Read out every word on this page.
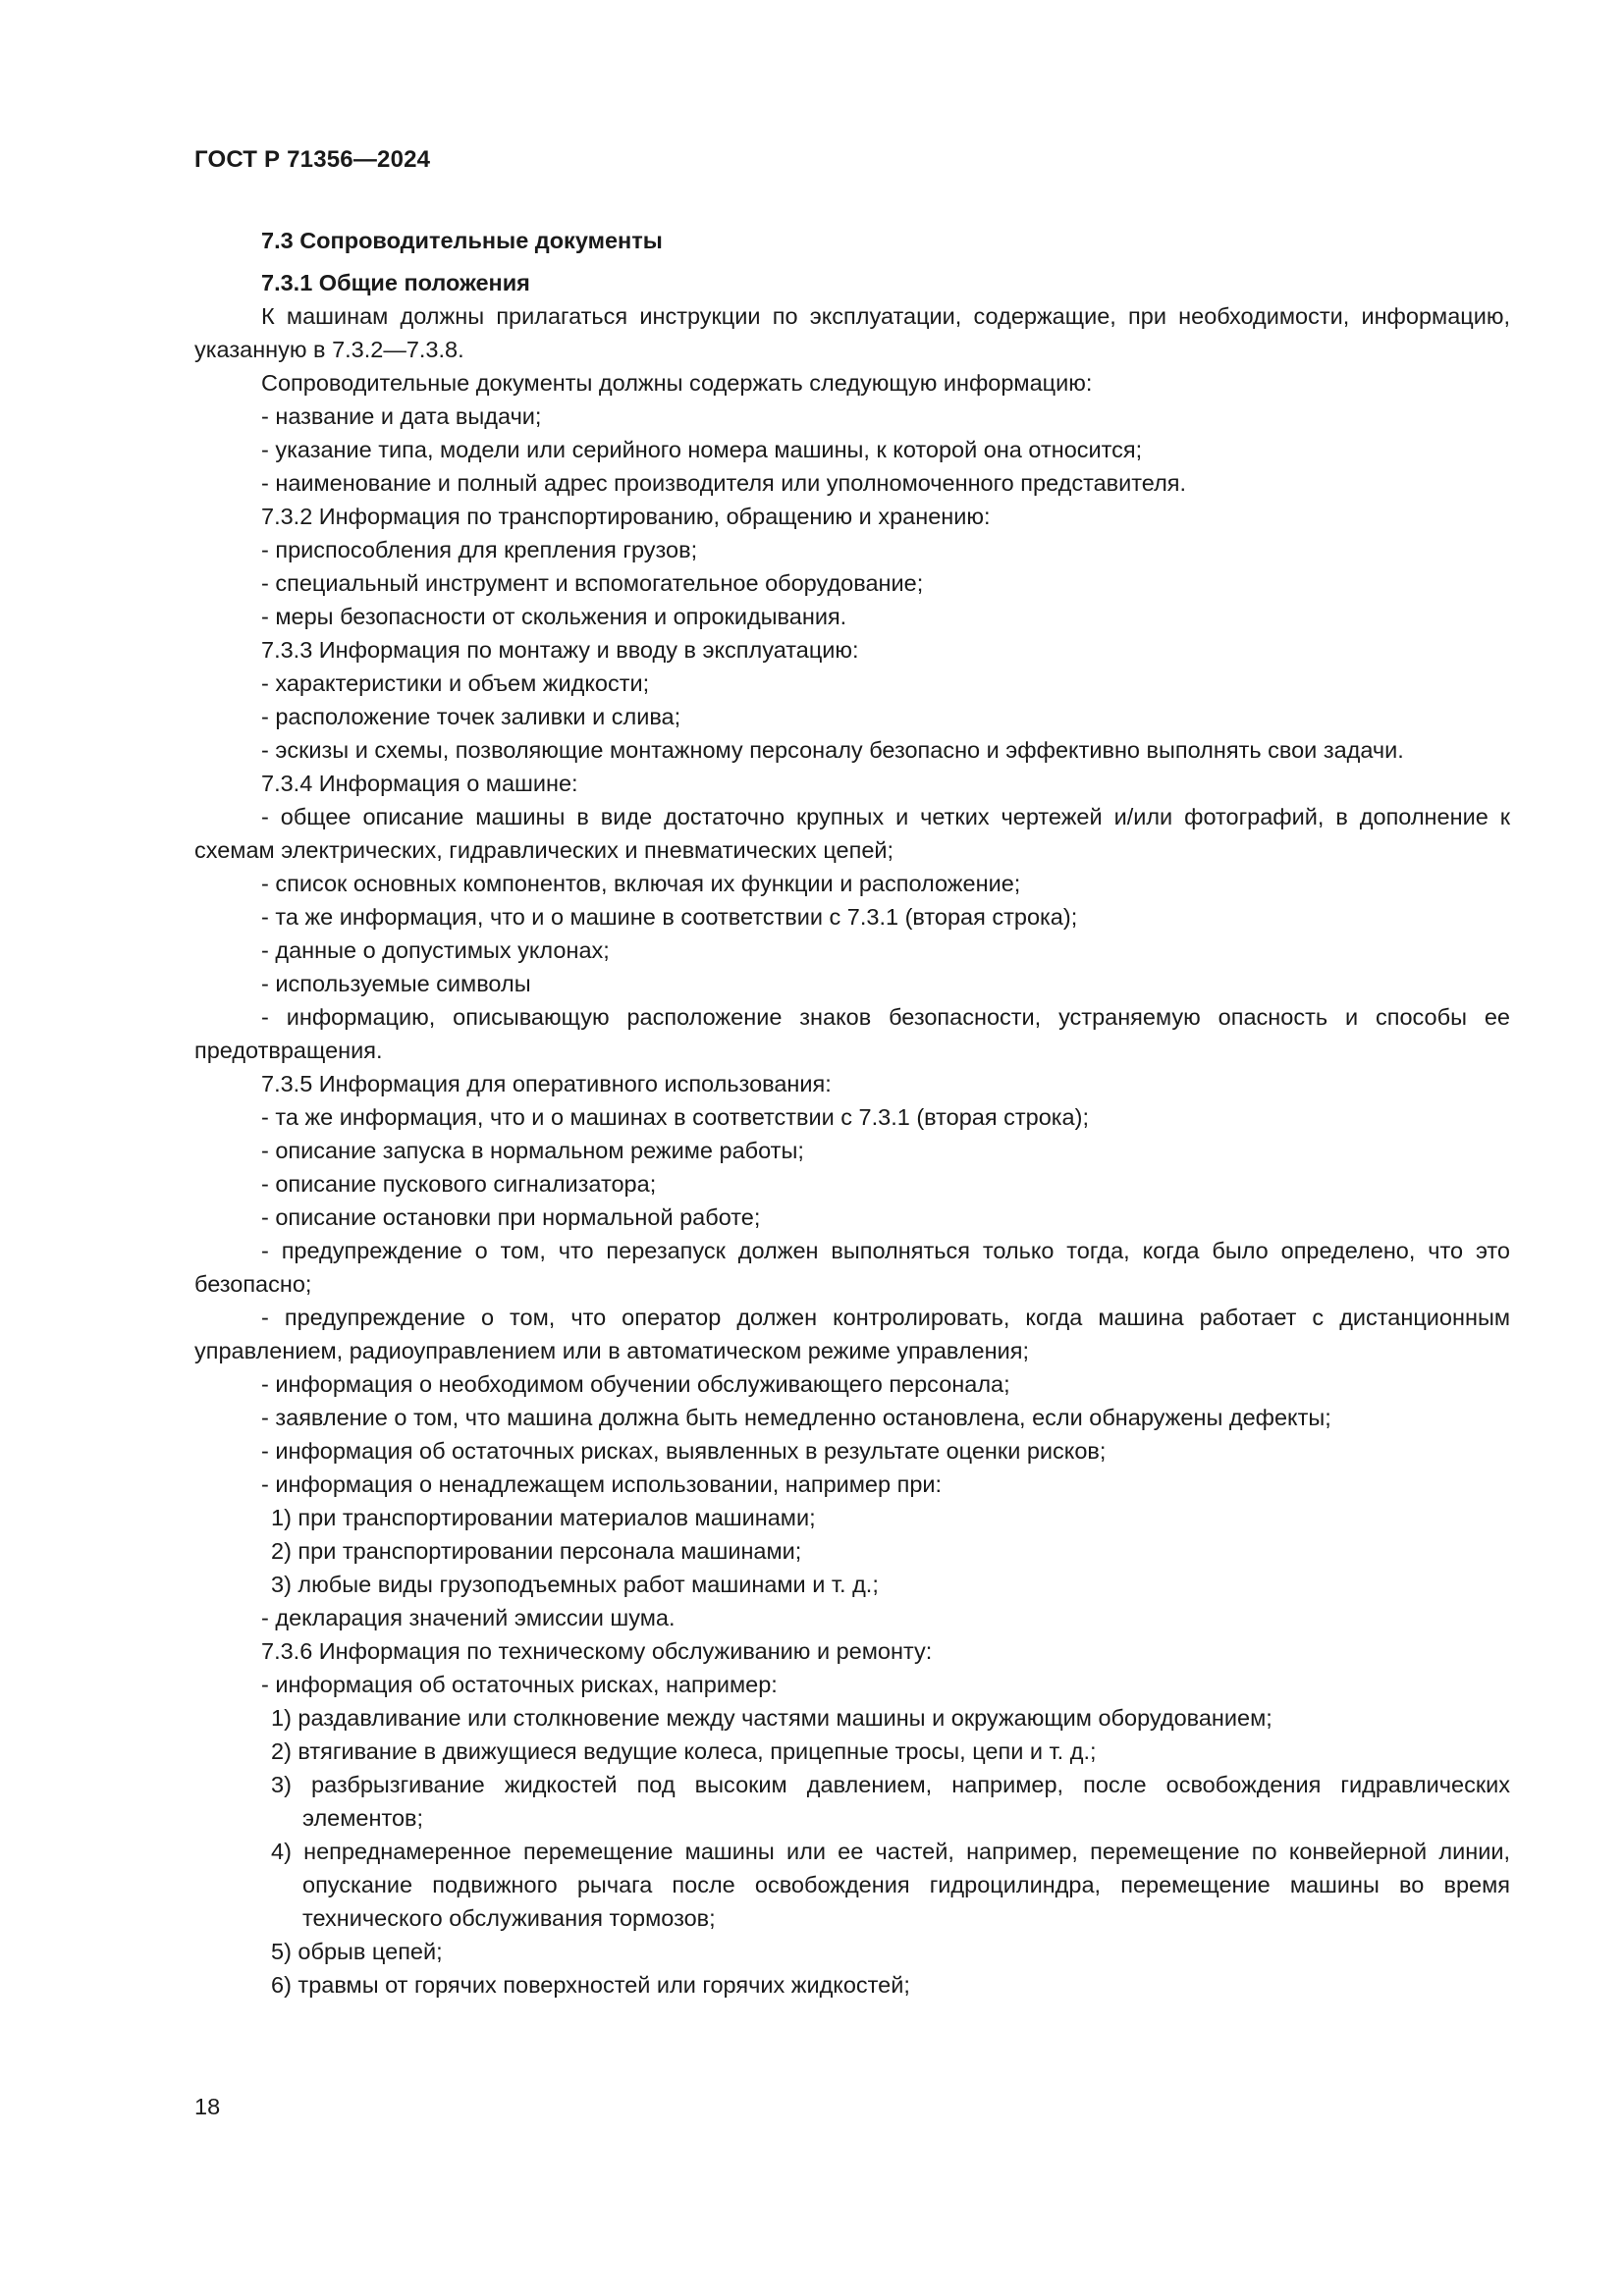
ГОСТ Р 71356—2024

7.3 Сопроводительные документы

7.3.1 Общие положения

К машинам должны прилагаться инструкции по эксплуатации, содержащие, при необходимости, информацию, указанную в 7.3.2—7.3.8.

Сопроводительные документы должны содержать следующую информацию:

- название и дата выдачи;

- указание типа, модели или серийного номера машины, к которой она относится;

- наименование и полный адрес производителя или уполномоченного представителя.

7.3.2 Информация по транспортированию, обращению и хранению:

- приспособления для крепления грузов;

- специальный инструмент и вспомогательное оборудование;

- меры безопасности от скольжения и опрокидывания.

7.3.3 Информация по монтажу и вводу в эксплуатацию:

- характеристики и объем жидкости;

- расположение точек заливки и слива;

- эскизы и схемы, позволяющие монтажному персоналу безопасно и эффективно выполнять свои задачи.

7.3.4 Информация о машине:

- общее описание машины в виде достаточно крупных и четких чертежей и/или фотографий, в дополнение к схемам электрических, гидравлических и пневматических цепей;

- список основных компонентов, включая их функции и расположение;

- та же информация, что и о машине в соответствии с 7.3.1 (вторая строка);

- данные о допустимых уклонах;

- используемые символы

- информацию, описывающую расположение знаков безопасности, устраняемую опасность и способы ее предотвращения.

7.3.5 Информация для оперативного использования:

- та же информация, что и о машинах в соответствии с 7.3.1 (вторая строка);

- описание запуска в нормальном режиме работы;

- описание пускового сигнализатора;

- описание остановки при нормальной работе;

- предупреждение о том, что перезапуск должен выполняться только тогда, когда было определено, что это безопасно;

- предупреждение о том, что оператор должен контролировать, когда машина работает с дистанционным управлением, радиоуправлением или в автоматическом режиме управления;

- информация о необходимом обучении обслуживающего персонала;

- заявление о том, что машина должна быть немедленно остановлена, если обнаружены дефекты;

- информация об остаточных рисках, выявленных в результате оценки рисков;

- информация о ненадлежащем использовании, например при:

1) при транспортировании материалов машинами;

2) при транспортировании персонала машинами;

3) любые виды грузоподъемных работ машинами и т. д.;

- декларация значений эмиссии шума.

7.3.6 Информация по техническому обслуживанию и ремонту:

- информация об остаточных рисках, например:

1) раздавливание или столкновение между частями машины и окружающим оборудованием;

2) втягивание в движущиеся ведущие колеса, прицепные тросы, цепи и т. д.;

3) разбрызгивание жидкостей под высоким давлением, например, после освобождения гидравлических элементов;

4) непреднамеренное перемещение машины или ее частей, например, перемещение по конвейерной линии, опускание подвижного рычага после освобождения гидроцилиндра, перемещение машины во время технического обслуживания тормозов;

5) обрыв цепей;

6) травмы от горячих поверхностей или горячих жидкостей;

18
